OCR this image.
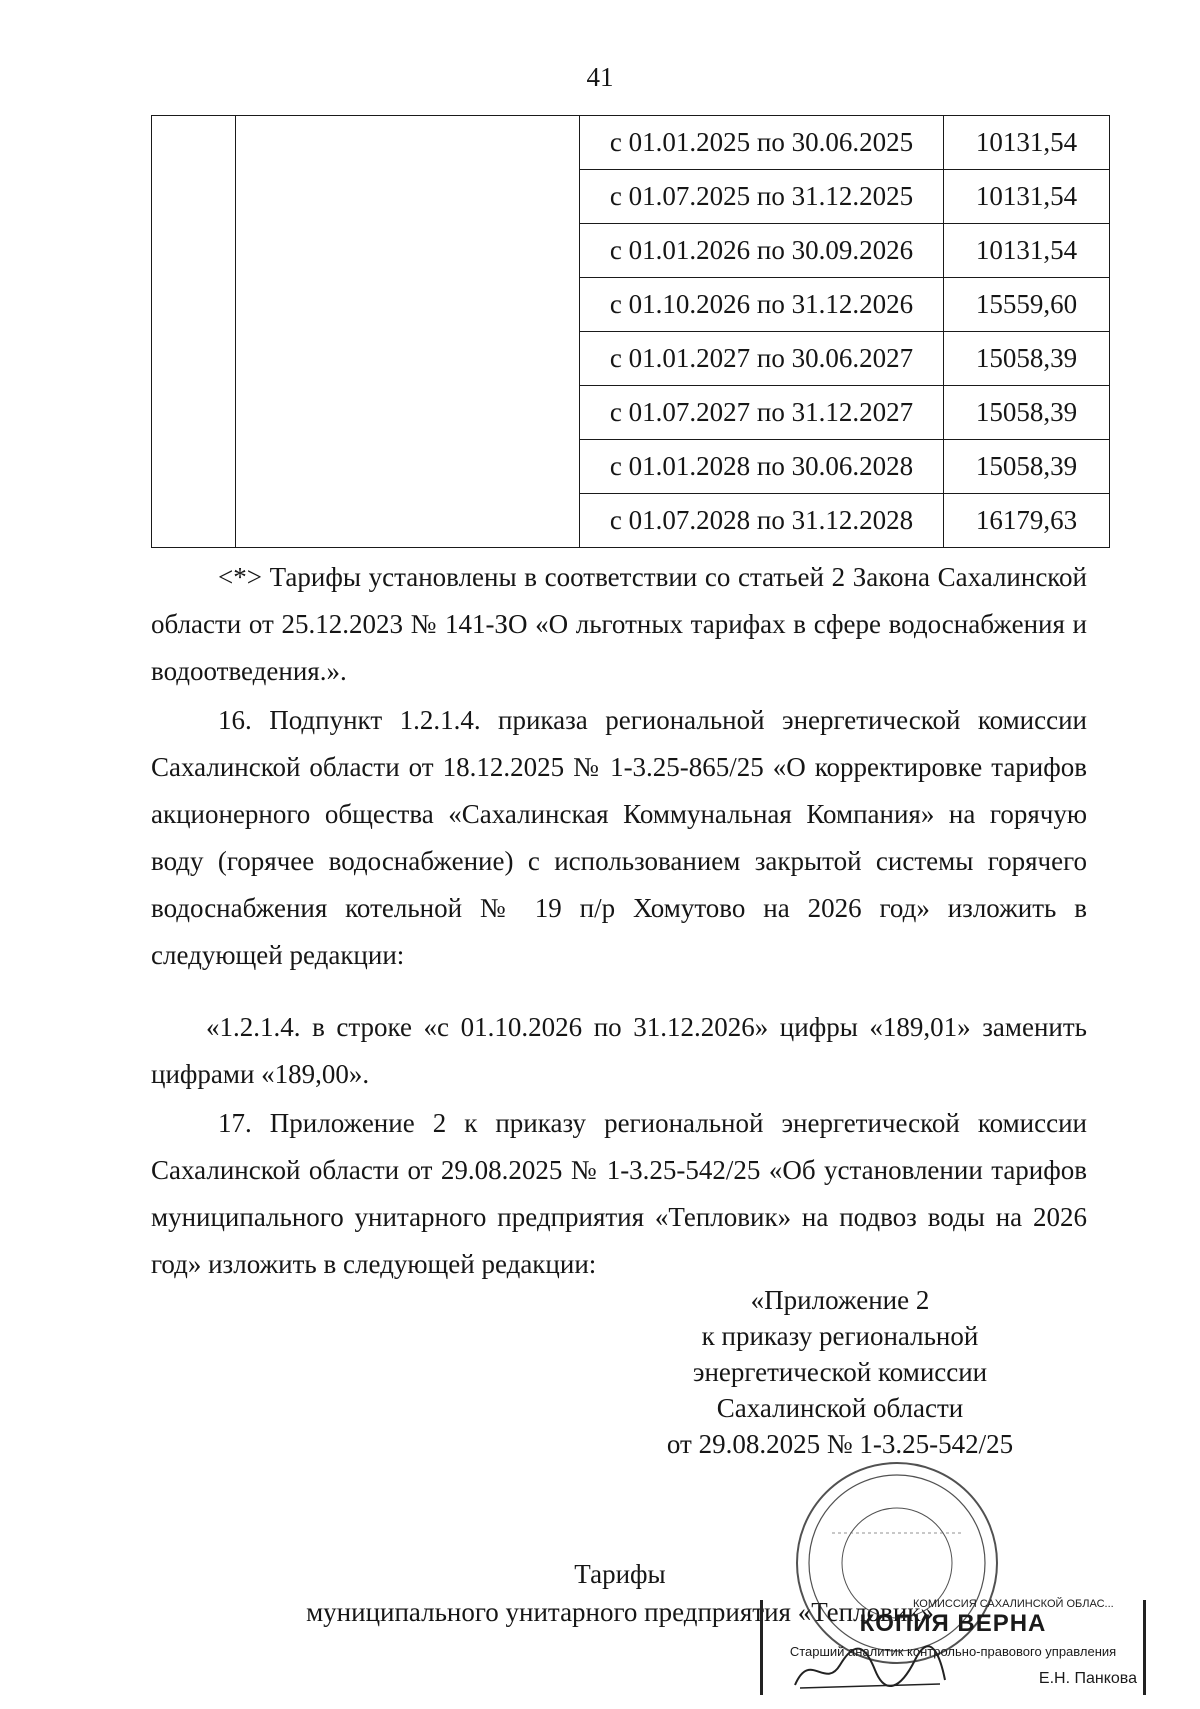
41
		с 01.01.2025 по 30.06.2025	10131,54
		с 01.07.2025 по 31.12.2025	10131,54
		с 01.01.2026 по 30.09.2026	10131,54
		с 01.10.2026 по 31.12.2026	15559,60
		с 01.01.2027 по 30.06.2027	15058,39
		с 01.07.2027 по 31.12.2027	15058,39
		с 01.01.2028 по 30.06.2028	15058,39
		с 01.07.2028 по 31.12.2028	16179,63

<*> Тарифы установлены в соответствии со статьей 2 Закона Сахалинской области от 25.12.2023 № 141-ЗО «О льготных тарифах в сфере водоснабжения и водоотведения.».

16. Подпункт 1.2.1.4. приказа региональной энергетической комиссии Сахалинской области от 18.12.2025 № 1-3.25-865/25 «О корректировке тарифов акционерного общества «Сахалинская Коммунальная Компания» на горячую воду (горячее водоснабжение) с использованием закрытой системы горячего водоснабжения котельной № 19 п/р Хомутово на 2026 год» изложить в следующей редакции:

«1.2.1.4. в строке «с 01.10.2026 по 31.12.2026» цифры «189,01» заменить цифрами «189,00».

17. Приложение 2 к приказу региональной энергетической комиссии Сахалинской области от 29.08.2025 № 1-3.25-542/25 «Об установлении тарифов муниципального унитарного предприятия «Тепловик» на подвоз воды на 2026 год» изложить в следующей редакции:

«Приложение 2
к приказу региональной
энергетической комиссии
Сахалинской области
от 29.08.2025 № 1-3.25-542/25
Тарифы
муниципального унитарного предприятия «Тепловик»
КОМИССИЯ САХАЛИНСКОЙ ОБЛАС...
КОПИЯ ВЕРНА
Старший аналитик контрольно-правового управления
Е.Н. Панкова
